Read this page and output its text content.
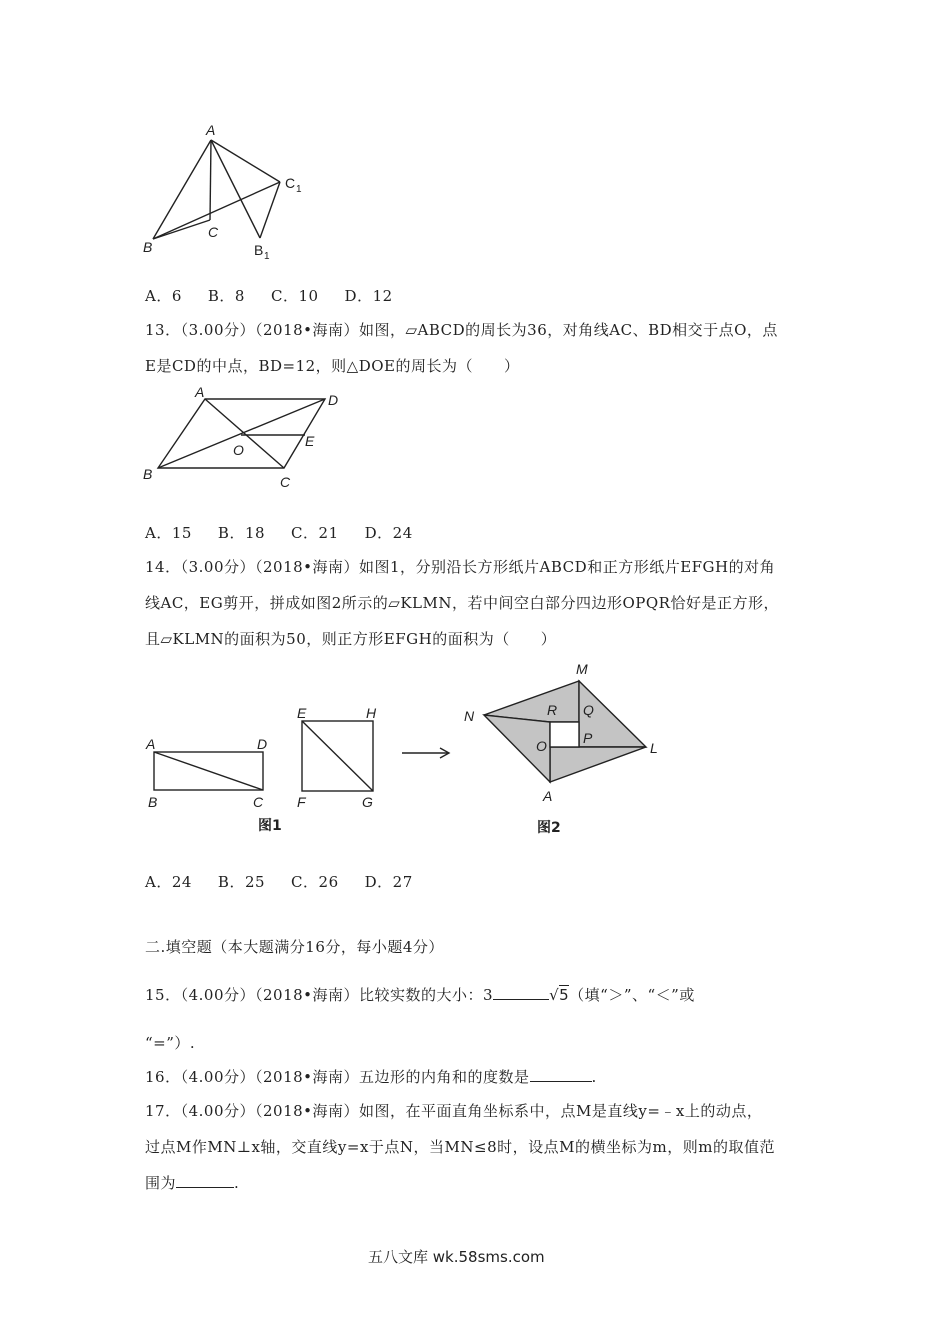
A
B
C
C 1
B 1
A．6 B．8 C．10 D．12
13．（3.00分）（2018•海南）如图，▱ABCD的周长为36，对角线AC、BD相交于点O，点
E是CD的中点，BD=12，则△DOE的周长为（　　）
A	D
B	C
O
E
A．15 B．18 C．21 D．24
14．（3.00分）（2018•海南）如图1，分别沿长方形纸片ABCD和正方形纸片EFGH的对角
线AC，EG剪开，拼成如图2所示的▱KLMN，若中间空白部分四边形OPQR恰好是正方形，
且▱KLMN的面积为50，则正方形EFGH的面积为（　　）
A	D
B	C
E	H
F	G
M
N
L
A
R Q
O	P
图1	图2
A．24 B．25 C．26 D．27
二.填空题（本大题满分16分，每小题4分）
15．（4.00分）（2018•海南）比较实数的大小：3	√5（填“＞”、“＜”或
“=”）.
16．（4.00分）（2018•海南）五边形的内角和的度数是	.
17．（4.00分）（2018•海南）如图，在平面直角坐标系中，点M是直线y=﹣x上的动点，
过点M作MN⊥x轴，交直线y=x于点N，当MN≤8时，设点M的横坐标为m，则m的取值范
围为	.
五八文库 wk.58sms.com
